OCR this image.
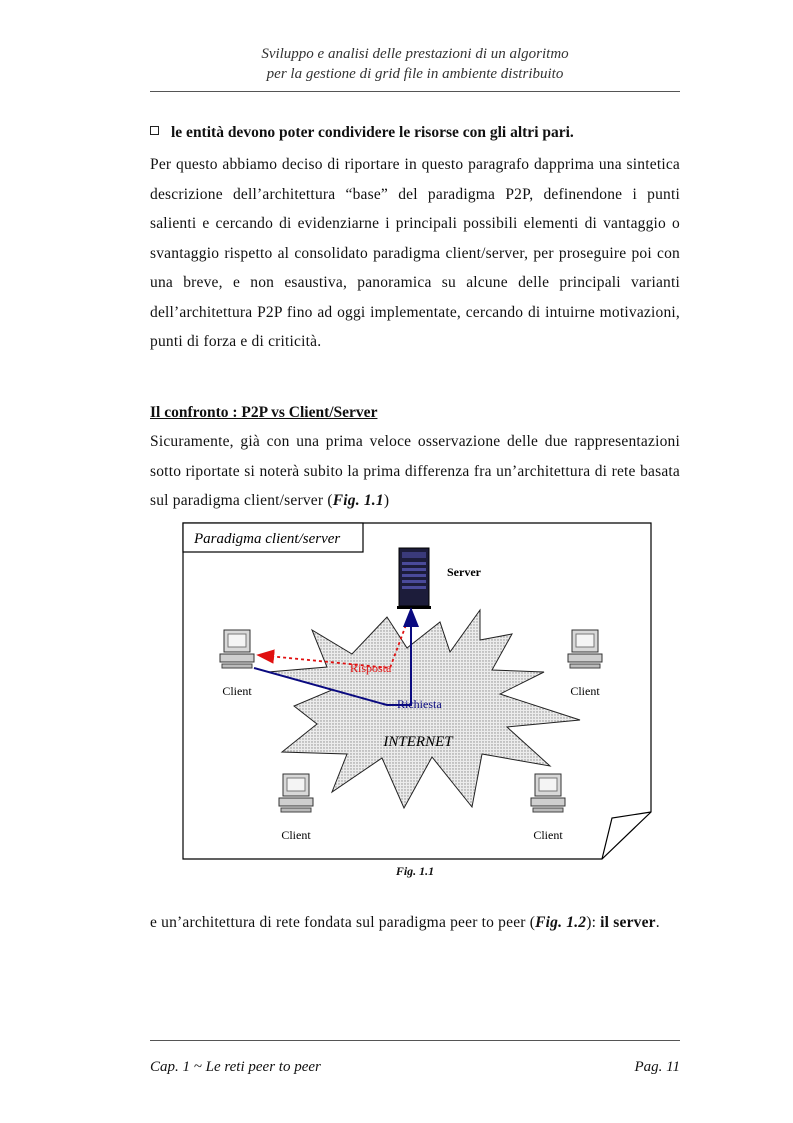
Sviluppo e analisi delle prestazioni di un algoritmo
per la gestione di grid file in ambiente distribuito
le entità devono poter condividere le risorse con gli altri pari.

Per questo abbiamo deciso di riportare in questo paragrafo dapprima una sintetica descrizione dell’architettura “base” del paradigma P2P, definendone i punti salienti e cercando di evidenziarne i principali possibili elementi di vantaggio o svantaggio rispetto al consolidato paradigma client/server, per proseguire poi con una breve, e non esaustiva, panoramica su alcune delle principali varianti dell’architettura P2P fino ad oggi implementate, cercando di intuirne motivazioni, punti di forza e di criticità.

Il confronto : P2P vs Client/Server

Sicuramente, già con una prima veloce osservazione delle due rappresentazioni sotto riportate si noterà subito la prima differenza fra un’architettura di rete basata sul paradigma client/server (Fig. 1.1)

Paradigma client/server
INTERNET
Server
Client	Client
Client	Client
Risposta
Richiesta
Fig. 1.1

e un’architettura di rete fondata sul paradigma peer to peer (Fig. 1.2): il server.

Cap. 1 ~ Le reti peer to peer	Pag. 11
